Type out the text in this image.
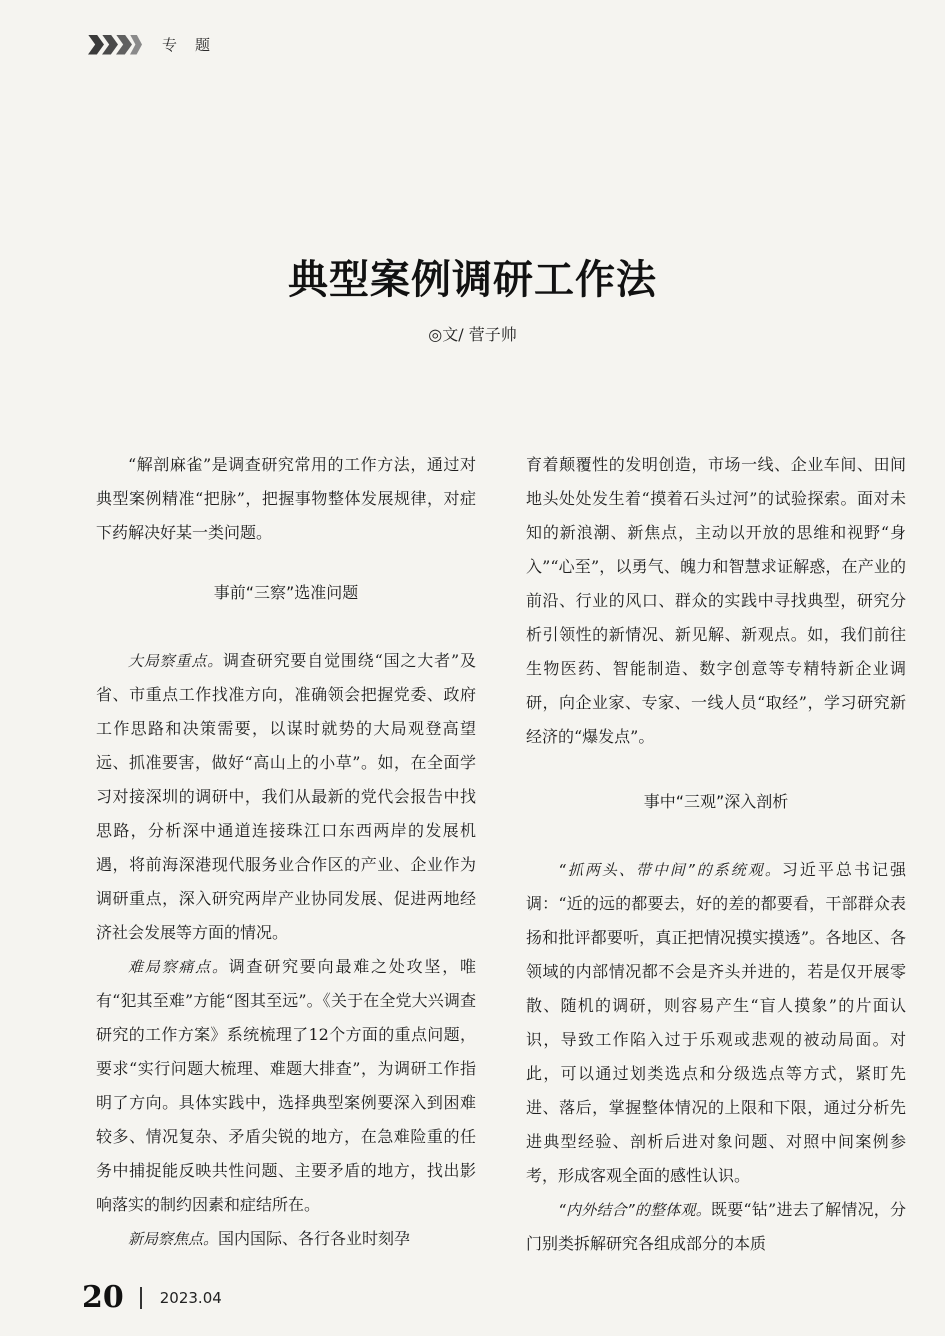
专题
典型案例调研工作法
◎文/ 菅子帅

“解剖麻雀”是调查研究常用的工作方法，通过对典型案例精准“把脉”，把握事物整体发展规律，对症下药解决好某一类问题。

事前“三察”选准问题

大局察重点。调查研究要自觉围绕“国之大者”及省、市重点工作找准方向，准确领会把握党委、政府工作思路和决策需要，以谋时就势的大局观登高望远、抓准要害，做好“高山上的小草”。如，在全面学习对接深圳的调研中，我们从最新的党代会报告中找思路，分析深中通道连接珠江口东西两岸的发展机遇，将前海深港现代服务业合作区的产业、企业作为调研重点，深入研究两岸产业协同发展、促进两地经济社会发展等方面的情况。

难局察痛点。调查研究要向最难之处攻坚，唯有“犯其至难”方能“图其至远”。《关于在全党大兴调查研究的工作方案》系统梳理了12个方面的重点问题，要求“实行问题大梳理、难题大排查”，为调研工作指明了方向。具体实践中，选择典型案例要深入到困难较多、情况复杂、矛盾尖锐的地方，在急难险重的任务中捕捉能反映共性问题、主要矛盾的地方，找出影响落实的制约因素和症结所在。

新局察焦点。国内国际、各行各业时刻孕

育着颠覆性的发明创造，市场一线、企业车间、田间地头处处发生着“摸着石头过河”的试验探索。面对未知的新浪潮、新焦点，主动以开放的思维和视野“身入”“心至”，以勇气、魄力和智慧求证解惑，在产业的前沿、行业的风口、群众的实践中寻找典型，研究分析引领性的新情况、新见解、新观点。如，我们前往生物医药、智能制造、数字创意等专精特新企业调研，向企业家、专家、一线人员“取经”，学习研究新经济的“爆发点”。

事中“三观”深入剖析

“抓两头、带中间”的系统观。习近平总书记强调：“近的远的都要去，好的差的都要看，干部群众表扬和批评都要听，真正把情况摸实摸透”。各地区、各领域的内部情况都不会是齐头并进的，若是仅开展零散、随机的调研，则容易产生“盲人摸象”的片面认识，导致工作陷入过于乐观或悲观的被动局面。对此，可以通过划类选点和分级选点等方式，紧盯先进、落后，掌握整体情况的上限和下限，通过分析先进典型经验、剖析后进对象问题、对照中间案例参考，形成客观全面的感性认识。

“内外结合”的整体观。既要“钻”进去了解情况，分门别类拆解研究各组成部分的本质

20 2023.04
